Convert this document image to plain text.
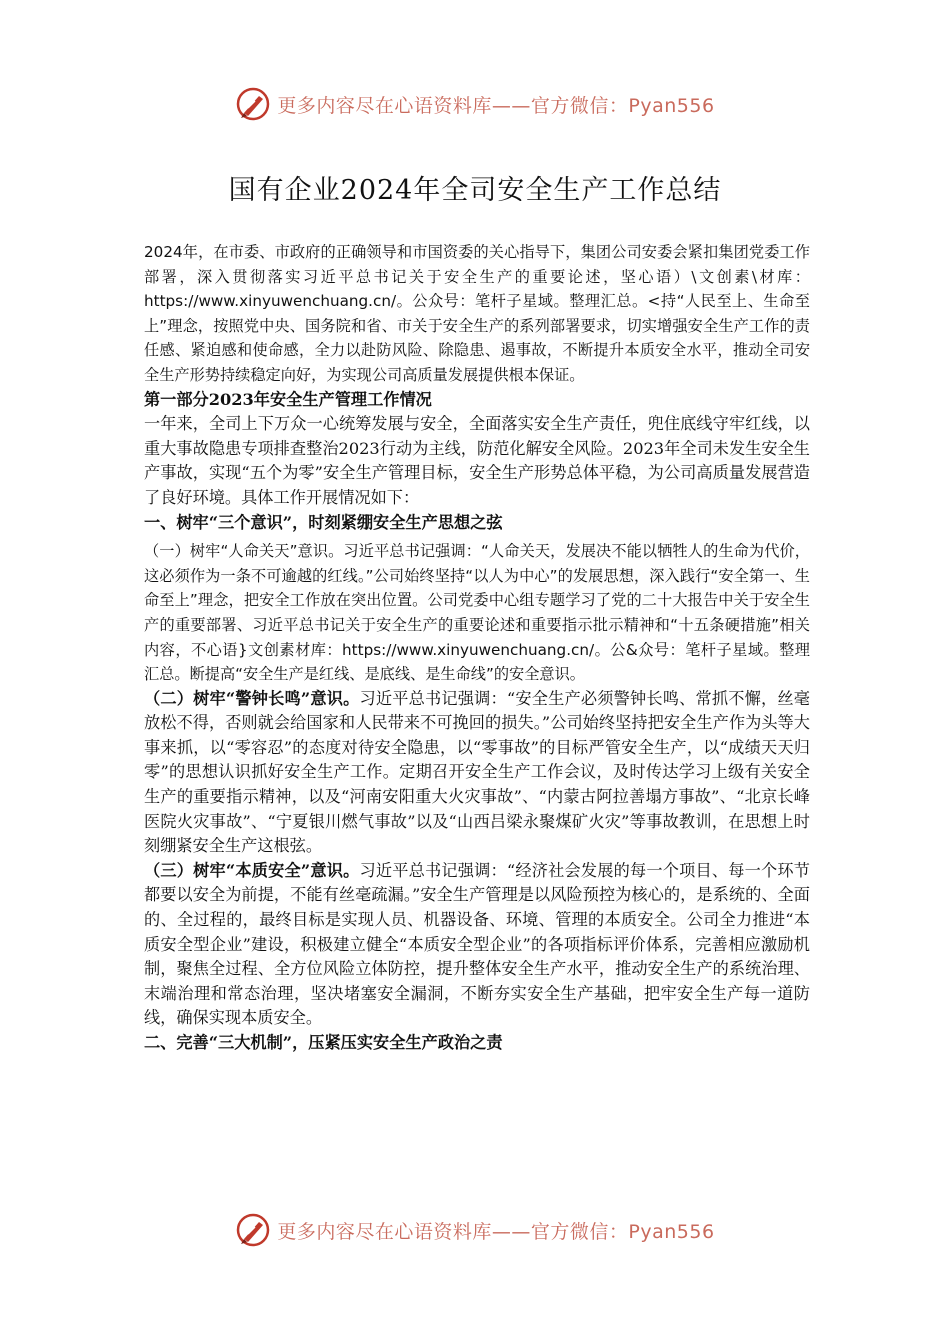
更多内容尽在心语资料库——官方微信：Pyan556
国有企业2024年全司安全生产工作总结

2024年，在市委、市政府的正确领导和市国资委的关心指导下，集团公司安委会紧扣集团党委工作部署，深入贯彻落实习近平总书记关于安全生产的重要论述，坚心语）\文创素\材库：https://www.xinyuwenchuang.cn/。公众号：笔杆子星域。整理汇总。<持“人民至上、生命至上”理念，按照党中央、国务院和省、市关于安全生产的系列部署要求，切实增强安全生产工作的责任感、紧迫感和使命感，全力以赴防风险、除隐患、遏事故，不断提升本质安全水平，推动全司安全生产形势持续稳定向好，为实现公司高质量发展提供根本保证。

第一部分2023年安全生产管理工作情况

一年来，全司上下万众一心统筹发展与安全，全面落实安全生产责任，兜住底线守牢红线，以重大事故隐患专项排查整治2023行动为主线，防范化解安全风险。2023年全司未发生安全生产事故，实现“五个为零”安全生产管理目标，安全生产形势总体平稳，为公司高质量发展营造了良好环境。具体工作开展情况如下：

一、树牢“三个意识”，时刻紧绷安全生产思想之弦

（一）树牢“人命关天”意识。习近平总书记强调：“人命关天，发展决不能以牺牲人的生命为代价，这必须作为一条不可逾越的红线。”公司始终坚持“以人为中心”的发展思想，深入践行“安全第一、生命至上”理念，把安全工作放在突出位置。公司党委中心组专题学习了党的二十大报告中关于安全生产的重要部署、习近平总书记关于安全生产的重要论述和重要指示批示精神和“十五条硬措施”相关内容，不心语}文创素材库：https://www.xinyuwenchuang.cn/。公&众号：笔杆子星域。整理汇总。断提高“安全生产是红线、是底线、是生命线”的安全意识。

（二）树牢“警钟长鸣”意识。习近平总书记强调：“安全生产必须警钟长鸣、常抓不懈，丝毫放松不得，否则就会给国家和人民带来不可挽回的损失。”公司始终坚持把安全生产作为头等大事来抓，以“零容忍”的态度对待安全隐患，以“零事故”的目标严管安全生产，以“成绩天天归零”的思想认识抓好安全生产工作。定期召开安全生产工作会议，及时传达学习上级有关安全生产的重要指示精神，以及“河南安阳重大火灾事故”、“内蒙古阿拉善塌方事故”、“北京长峰医院火灾事故”、“宁夏银川燃气事故”以及“山西吕梁永聚煤矿火灾”等事故教训，在思想上时刻绷紧安全生产这根弦。

（三）树牢“本质安全”意识。习近平总书记强调：“经济社会发展的每一个项目、每一个环节都要以安全为前提，不能有丝毫疏漏。”安全生产管理是以风险预控为核心的，是系统的、全面的、全过程的，最终目标是实现人员、机器设备、环境、管理的本质安全。公司全力推进“本质安全型企业”建设，积极建立健全“本质安全型企业”的各项指标评价体系，完善相应激励机制，聚焦全过程、全方位风险立体防控，提升整体安全生产水平，推动安全生产的系统治理、末端治理和常态治理，坚决堵塞安全漏洞，不断夯实安全生产基础，把牢安全生产每一道防线，确保实现本质安全。

二、完善“三大机制”，压紧压实安全生产政治之责

更多内容尽在心语资料库——官方微信：Pyan556
